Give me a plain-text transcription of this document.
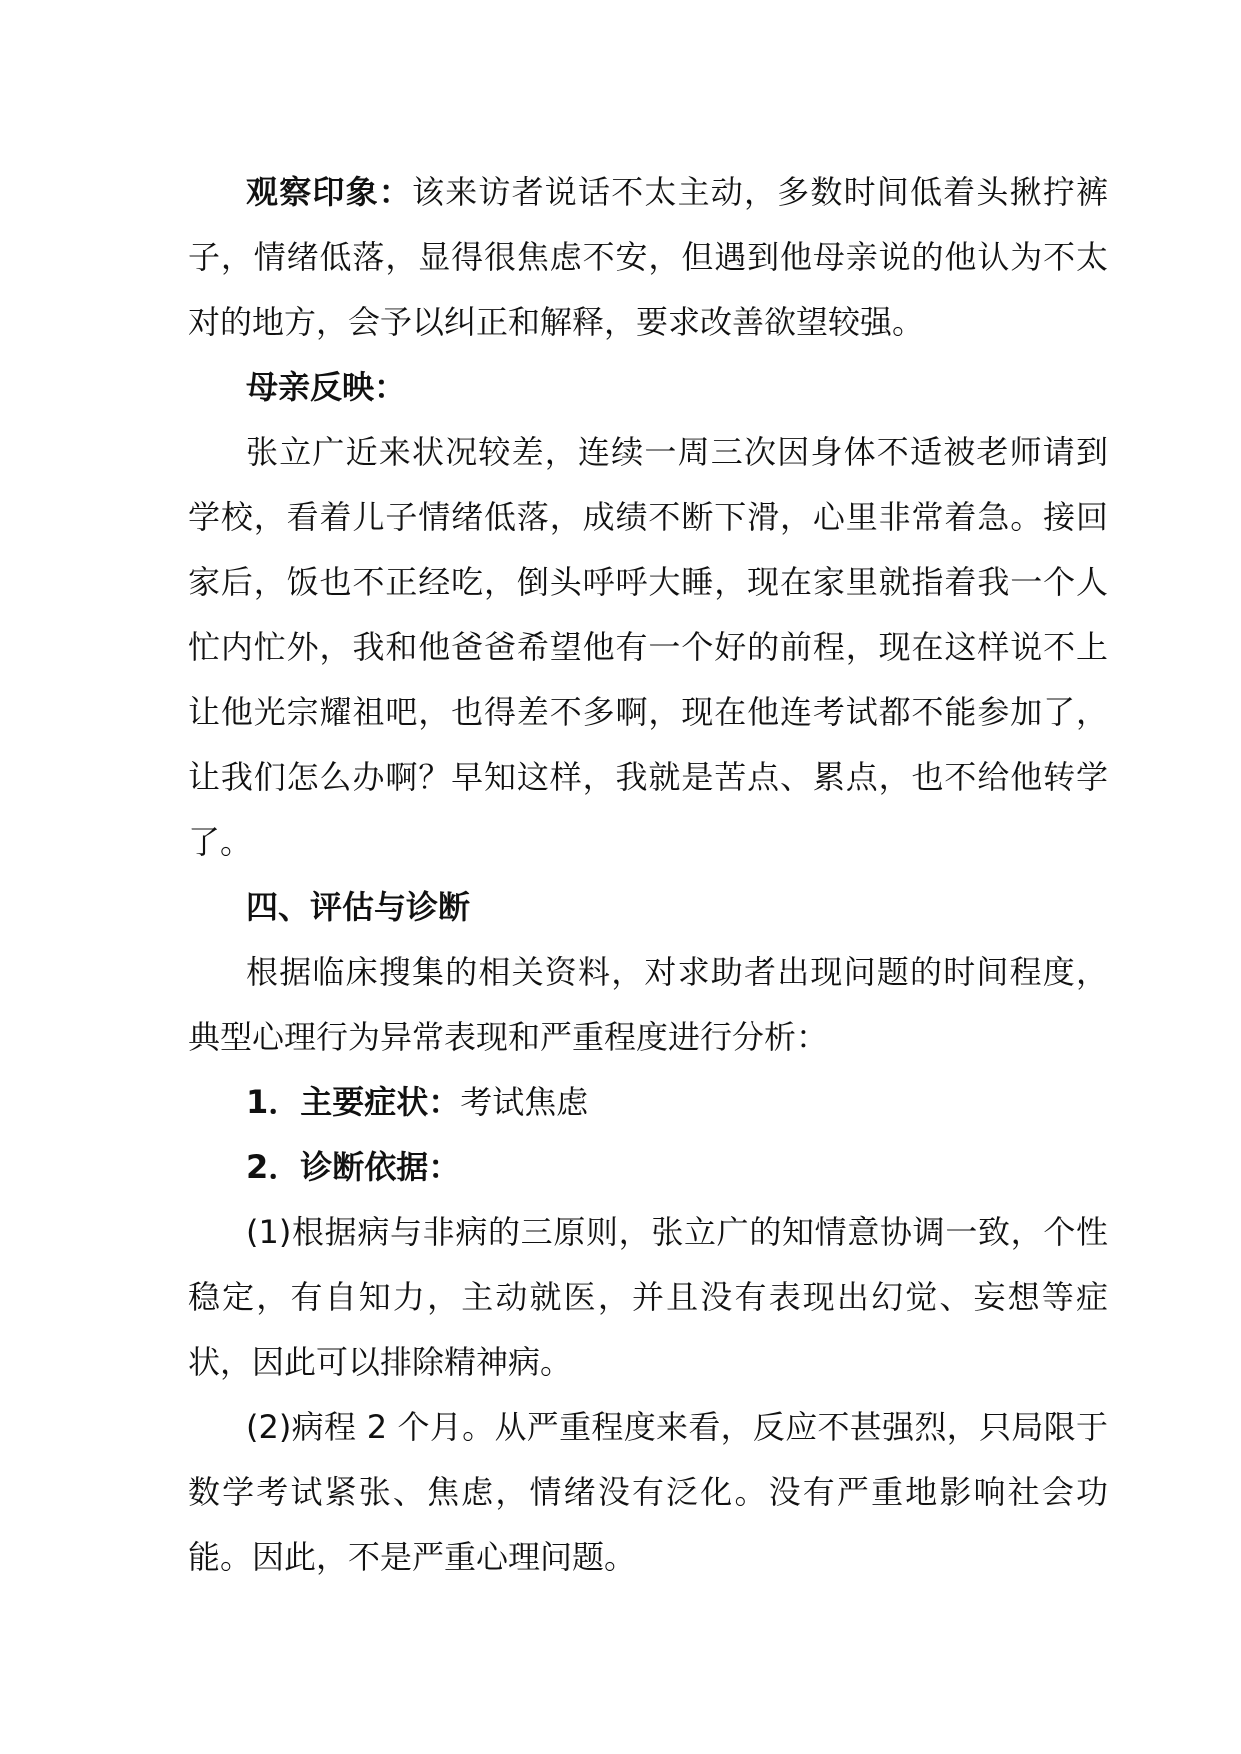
观察印象：该来访者说话不太主动，多数时间低着头揪拧裤子，情绪低落，显得很焦虑不安，但遇到他母亲说的他认为不太对的地方，会予以纠正和解释，要求改善欲望较强。

母亲反映：

张立广近来状况较差，连续一周三次因身体不适被老师请到学校，看着儿子情绪低落，成绩不断下滑，心里非常着急。接回家后，饭也不正经吃，倒头呼呼大睡，现在家里就指着我一个人忙内忙外，我和他爸爸希望他有一个好的前程，现在这样说不上让他光宗耀祖吧，也得差不多啊，现在他连考试都不能参加了，让我们怎么办啊？早知这样，我就是苦点、累点，也不给他转学了。

四、评估与诊断

根据临床搜集的相关资料，对求助者出现问题的时间程度，典型心理行为异常表现和严重程度进行分析：

1．主要症状：考试焦虑

2．诊断依据：

(1)根据病与非病的三原则，张立广的知情意协调一致，个性稳定，有自知力，主动就医，并且没有表现出幻觉、妄想等症状，因此可以排除精神病。

(2)病程 2 个月。从严重程度来看，反应不甚强烈，只局限于数学考试紧张、焦虑，情绪没有泛化。没有严重地影响社会功能。因此，不是严重心理问题。
